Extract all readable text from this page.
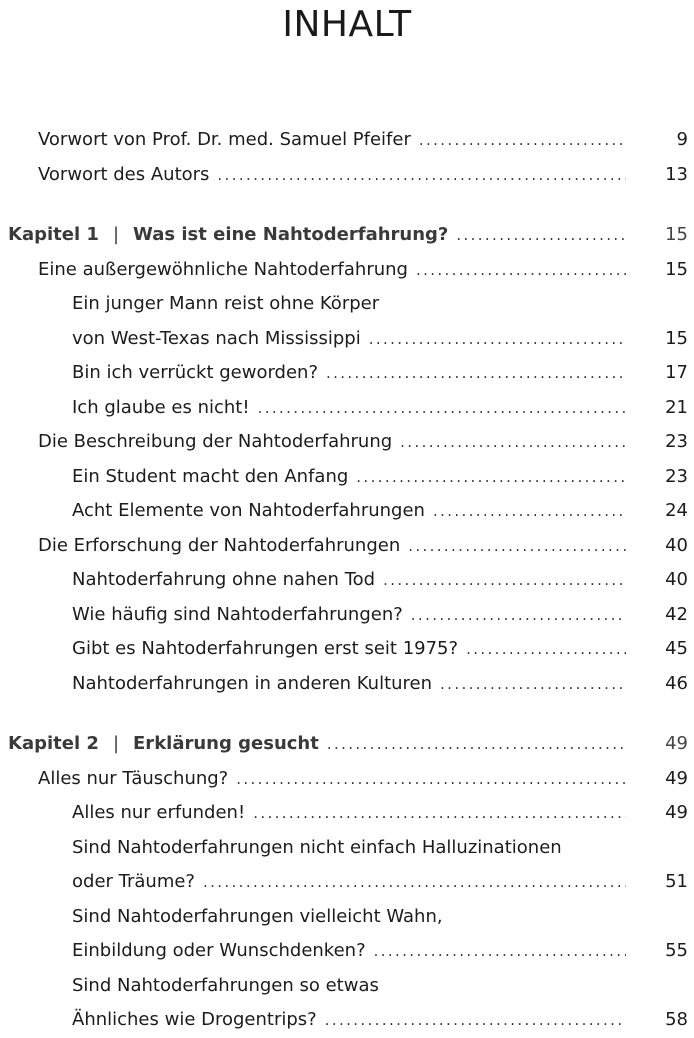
INHALT
Vorwort von Prof. Dr. med. Samuel Pfeifer . . .	9
Vorwort des Autors . . .	13
Kapitel 1 | Was ist eine Nahtoderfahrung? . . .	15
Eine außergewöhnliche Nahtoderfahrung . . .	15
Ein junger Mann reist ohne Körper
von West-Texas nach Mississippi . . .	15
Bin ich verrückt geworden? . . .	17
Ich glaube es nicht! . . .	21
Die Beschreibung der Nahtoderfahrung . . .	23
Ein Student macht den Anfang . . .	23
Acht Elemente von Nahtoderfahrungen . . .	24
Die Erforschung der Nahtoderfahrungen . . .	40
Nahtoderfahrung ohne nahen Tod . . .	40
Wie häufig sind Nahtoderfahrungen? . . .	42
Gibt es Nahtoderfahrungen erst seit 1975? . . .	45
Nahtoderfahrungen in anderen Kulturen . . .	46
Kapitel 2 | Erklärung gesucht . . .	49
Alles nur Täuschung? . . .	49
Alles nur erfunden! . . .	49
Sind Nahtoderfahrungen nicht einfach Halluzinationen
oder Träume? . . .	51
Sind Nahtoderfahrungen vielleicht Wahn,
Einbildung oder Wunschdenken? . . .	55
Sind Nahtoderfahrungen so etwas
Ähnliches wie Drogentrips? . . .	58
